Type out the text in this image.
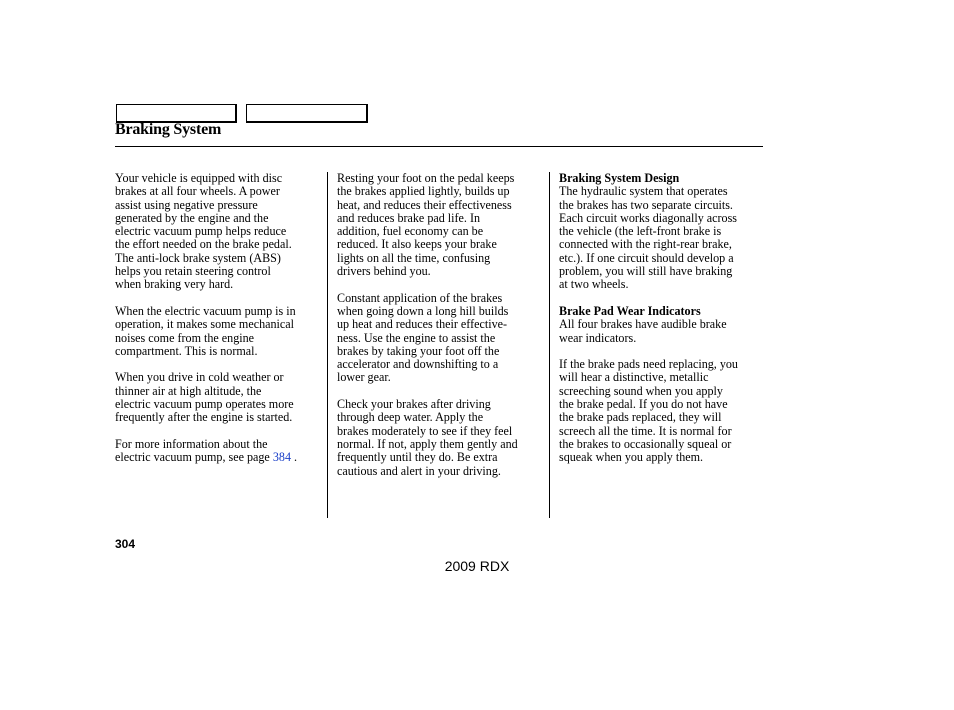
Braking System

Your vehicle is equipped with disc
brakes at all four wheels. A power
assist using negative pressure
generated by the engine and the
electric vacuum pump helps reduce
the effort needed on the brake pedal.
The anti-lock brake system (ABS)
helps you retain steering control
when braking very hard.

When the electric vacuum pump is in
operation, it makes some mechanical
noises come from the engine
compartment. This is normal.

When you drive in cold weather or
thinner air at high altitude, the
electric vacuum pump operates more
frequently after the engine is started.

For more information about the
electric vacuum pump, see page 384 .

Resting your foot on the pedal keeps
the brakes applied lightly, builds up
heat, and reduces their effectiveness
and reduces brake pad life. In
addition, fuel economy can be
reduced. It also keeps your brake
lights on all the time, confusing
drivers behind you.

Constant application of the brakes
when going down a long hill builds
up heat and reduces their effective-
ness. Use the engine to assist the
brakes by taking your foot off the
accelerator and downshifting to a
lower gear.

Check your brakes after driving
through deep water. Apply the
brakes moderately to see if they feel
normal. If not, apply them gently and
frequently until they do. Be extra
cautious and alert in your driving.

Braking System Design
The hydraulic system that operates
the brakes has two separate circuits.
Each circuit works diagonally across
the vehicle (the left-front brake is
connected with the right-rear brake,
etc.). If one circuit should develop a
problem, you will still have braking
at two wheels.

Brake Pad Wear Indicators
All four brakes have audible brake
wear indicators.

If the brake pads need replacing, you
will hear a distinctive, metallic
screeching sound when you apply
the brake pedal. If you do not have
the brake pads replaced, they will
screech all the time. It is normal for
the brakes to occasionally squeal or
squeak when you apply them.

304
2009 RDX
